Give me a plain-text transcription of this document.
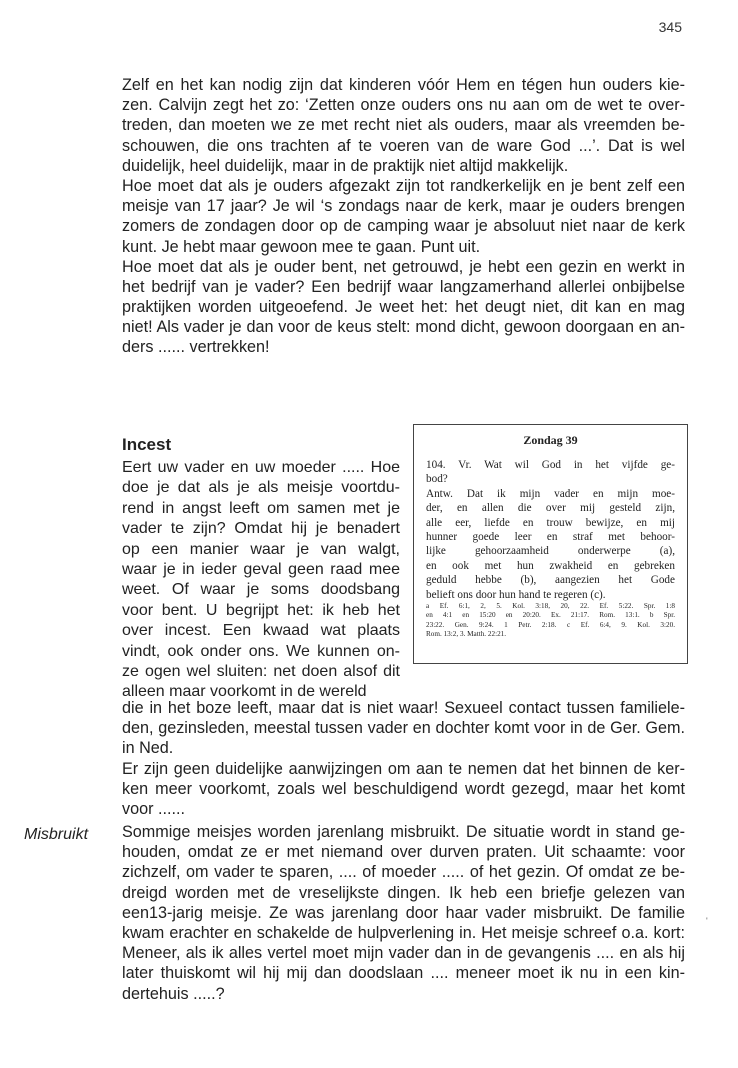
345
Zelf en het kan nodig zijn dat kinderen vóór Hem en tégen hun ouders kie-
zen. Calvijn zegt het zo: ‘Zetten onze ouders ons nu aan om de wet te over-
treden, dan moeten we ze met recht niet als ouders, maar als vreemden be-
schouwen, die ons trachten af te voeren van de ware God ...’. Dat is wel
duidelijk, heel duidelijk, maar in de praktijk niet altijd makkelijk.
Hoe moet dat als je ouders afgezakt zijn tot randkerkelijk en je bent zelf een
meisje van 17 jaar? Je wil ‘s zondags naar de kerk, maar je ouders brengen
zomers de zondagen door op de camping waar je absoluut niet naar de kerk
kunt. Je hebt maar gewoon mee te gaan. Punt uit.
Hoe moet dat als je ouder bent, net getrouwd, je hebt een gezin en werkt in
het bedrijf van je vader? Een bedrijf waar langzamerhand allerlei onbijbelse
praktijken worden uitgeoefend. Je weet het: het deugt niet, dit kan en mag
niet! Als vader je dan voor de keus stelt: mond dicht, gewoon doorgaan en an-
ders ...... vertrekken!
Incest
Eert uw vader en uw moeder ..... Hoe
doe je dat als je als meisje voortdu-
rend in angst leeft om samen met je
vader te zijn? Omdat hij je benadert
op een manier waar je van walgt,
waar je in ieder geval geen raad mee
weet. Of waar je soms doodsbang
voor bent. U begrijpt het: ik heb het
over incest. Een kwaad wat plaats
vindt, ook onder ons. We kunnen on-
ze ogen wel sluiten: net doen alsof dit
alleen maar voorkomt in de wereld
Zondag 39
104. Vr. Wat wil God in het vijfde ge-
bod?
Antw. Dat ik mijn vader en mijn moe-
der, en allen die over mij gesteld zijn,
alle eer, liefde en trouw bewijze, en mij
hunner goede leer en straf met behoor-
lijke gehoorzaamheid onderwerpe (a),
en ook met hun zwakheid en gebreken
geduld hebbe (b), aangezien het Gode
belieft ons door hun hand te regeren (c).
a Ef. 6:1, 2, 5. Kol. 3:18, 20, 22. Ef. 5:22. Spr. 1:8
en 4:1 en 15:20 en 20:20. Ex. 21:17. Rom. 13:1. b Spr.
23:22. Gen. 9:24. 1 Petr. 2:18. c Ef. 6:4, 9. Kol. 3:20.
Rom. 13:2, 3. Matth. 22:21.
die in het boze leeft, maar dat is niet waar! Sexueel contact tussen familiele-
den, gezinsleden, meestal tussen vader en dochter komt voor in de Ger. Gem.
in Ned.
Er zijn geen duidelijke aanwijzingen om aan te nemen dat het binnen de ker-
ken meer voorkomt, zoals wel beschuldigend wordt gezegd, maar het komt
voor ......
Misbruikt Sommige meisjes worden jarenlang misbruikt. De situatie wordt in stand ge-
houden, omdat ze er met niemand over durven praten. Uit schaamte: voor
zichzelf, om vader te sparen, .... of moeder ..... of het gezin. Of omdat ze be-
dreigd worden met de vreselijkste dingen. Ik heb een briefje gelezen van
een13-jarig meisje. Ze was jarenlang door haar vader misbruikt. De familie
kwam erachter en schakelde de hulpverlening in. Het meisje schreef o.a. kort:
Meneer, als ik alles vertel moet mijn vader dan in de gevangenis .... en als hij
later thuiskomt wil hij mij dan doodslaan .... meneer moet ik nu in een kin-
dertehuis .....?
'
